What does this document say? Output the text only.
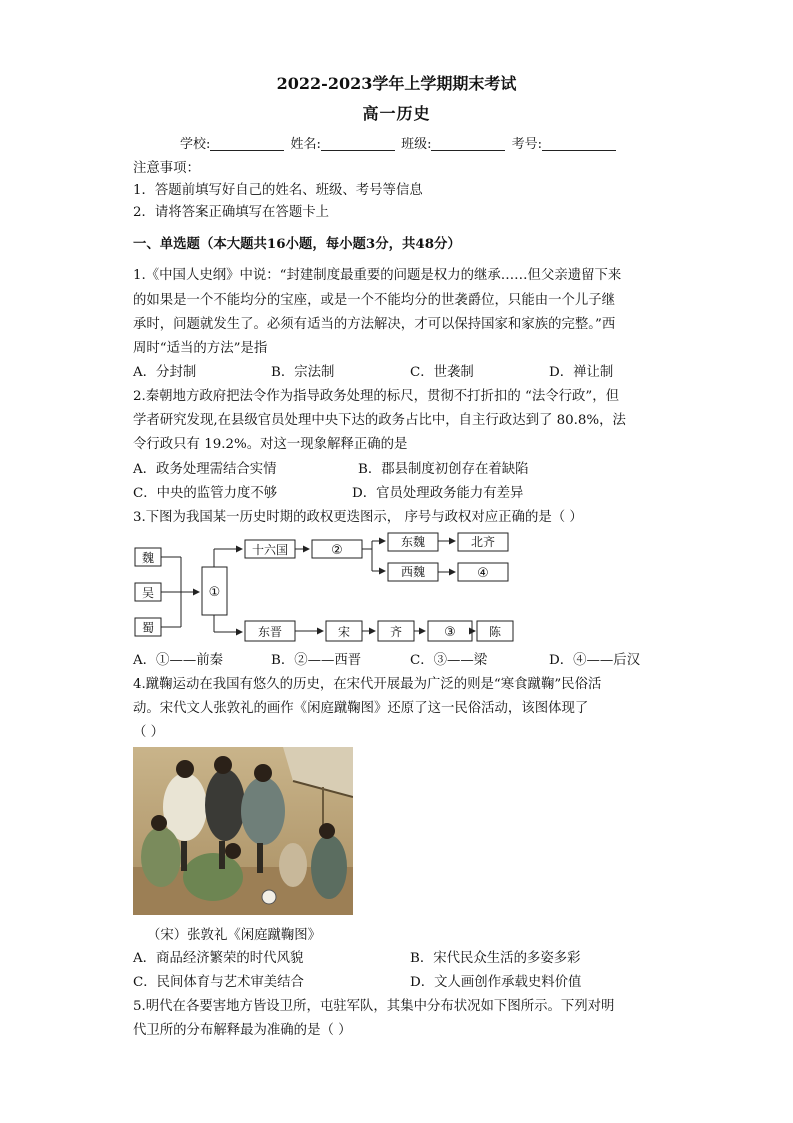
2022-2023学年上学期期末考试
高一历史
学校:	姓名:	班级:	考号:
注意事项：
1．答题前填写好自己的姓名、班级、考号等信息
2．请将答案正确填写在答题卡上
一、单选题（本大题共16小题，每小题3分，共48分）
1.《中国人史纲》中说：“封建制度最重要的问题是权力的继承……但父亲遗留下来
的如果是一个不能均分的宝座，或是一个不能均分的世袭爵位，只能由一个儿子继
承时，问题就发生了。必须有适当的方法解决，才可以保持国家和家族的完整。”西
周时“适当的方法”是指
A．分封制	B．宗法制	C．世袭制	D．禅让制
2.秦朝地方政府把法令作为指导政务处理的标尺，贯彻不打折扣的 “法令行政”，但
学者研究发现,在县级官员处理中央下达的政务占比中，自主行政达到了 80.8%，法
令行政只有 19.2%。对这一现象解释正确的是
A．政务处理需结合实情	B．郡县制度初创存在着缺陷
C．中央的监管力度不够	D．官员处理政务能力有差异
3.下图为我国某一历史时期的政权更迭图示， 序号与政权对应正确的是（ ）
魏
吴
蜀
①
十六国	②
东魏	北齐
西魏	④
东晋	宋	齐	③	陈
A．①——前秦	B．②——西晋	C．③——梁	D．④——后汉
4.蹴鞠运动在我国有悠久的历史，在宋代开展最为广泛的则是“寒食蹴鞠”民俗活
动。宋代文人张敦礼的画作《闲庭蹴鞠图》还原了这一民俗活动，该图体现了
（ ）
（宋）张敦礼《闲庭蹴鞠图》
A．商品经济繁荣的时代风貌	B．宋代民众生活的多姿多彩
C．民间体育与艺术审美结合	D．文人画创作承载史料价值
5.明代在各要害地方皆设卫所，屯驻军队，其集中分布状况如下图所示。下列对明
代卫所的分布解释最为准确的是（ ）
